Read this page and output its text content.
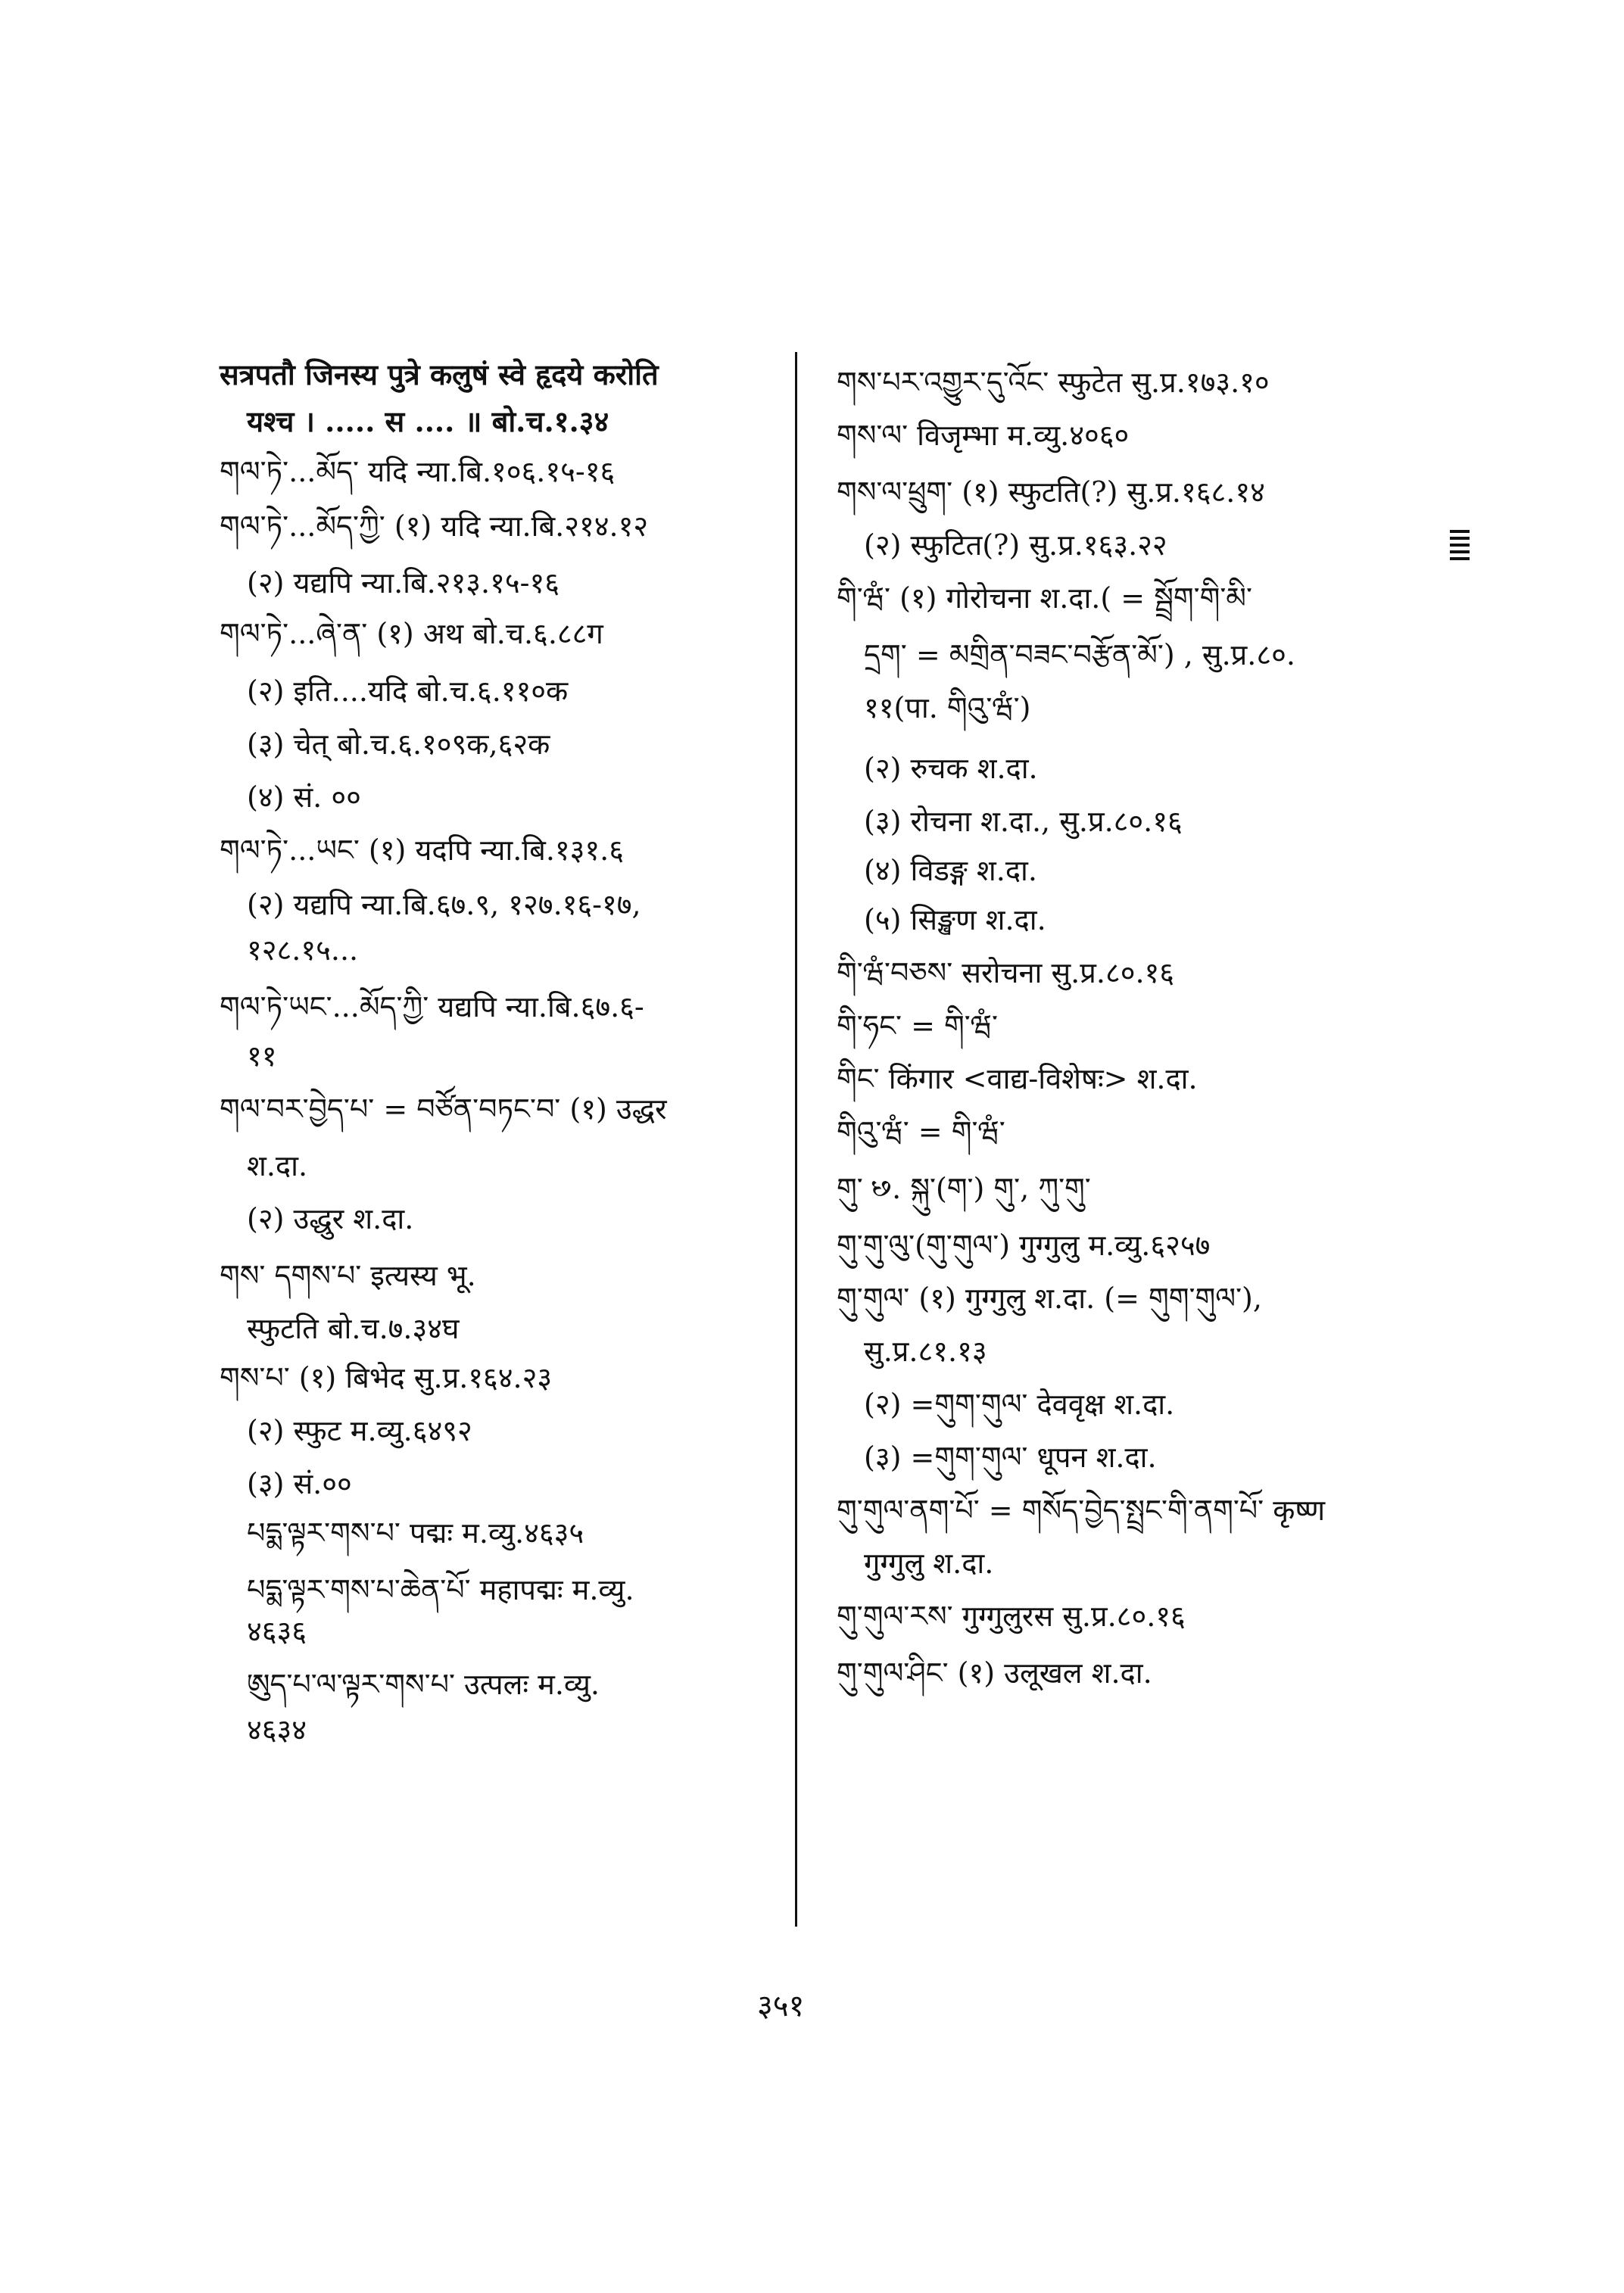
सत्रपतौ जिनस्य पुत्रे कलुषं स्वे हृदये करोति
यश्च । ..... स .... ॥ बो.च.१.३४
གལ་ཏེ་...མོད་ यदि न्या.बि.१०६.१५-१६
གལ་ཏེ་...མོད་ཀྱི་ (१) यदि न्या.बि.२१४.१२
(२) यद्यपि न्या.बि.२१३.१५-१६
གལ་ཏེ་...ཞེ་ན་ (१) अथ बो.च.६.८८ग
(२) इति....यदि बो.च.६.११०क
(३) चेत् बो.च.६.१०९क,६२क
(४) सं. ००
གལ་ཏེ་...ཡང་ (१) यदपि न्या.बि.१३१.६
(२) यद्यपि न्या.बि.६७.९, १२७.१६-१७,
१२८.१५...
གལ་ཏེ་ཡང་...མོད་ཀྱི་ यद्यपि न्या.बि.६७.६-
११
གལ་བར་བྱེད་པ་ = བཙོན་བཏང་བ་ (१) उद्धर
श.दा.
(२) उद्धुर श.दा.
གས་ དགས་པ་ इत्यस्य भू.
स्फुटति बो.च.७.३४घ
གས་པ་ (१) बिभेद सु.प्र.१६४.२३
(२) स्फुट म.व्यु.६४९२
(३) सं.००
པདྨ་ལྟར་གས་པ་ पद्मः म.व्यु.४६३५
པདྨ་ལྟར་གས་པ་ཆེན་པོ་ महापद्मः म.व्यु.
४६३६
ཨུད་པ་ལ་ལྟར་གས་པ་ उत्पलः म.व्यु.
४६३४
གས་པར་འགྱུར་དུ་འོང་ स्फुटेत सु.प्र.१७३.१०
གས་ལ་ विजृम्भा म.व्यु.४०६०
གས་ལ་ཕྲུག་ (१) स्फुटति(?) सु.प्र.१६८.१४
(२) स्फुटित(?) सु.प्र.१६३.२२
གི་ཝཾ་ (१) गोरोचना श.दा.( = སྦྲོག་གི་མི་
དྲག་ = མགྲིན་བཟང་བརྩོན་མོ་) , सु.प्र.८०.
११(पा. གིའུ་ཝཾ་)
(२) रुचक श.दा.
(३) रोचना श.दा., सु.प्र.८०.१६
(४) विडङ्ग श.दा.
(५) सिङ्खण श.दा.
གི་ཝཾ་བཅས་ सरोचना सु.प्र.८०.१६
གི་ཧང་ = གི་ཝཾ་
གིང་ किंगार <वाद्य-विशेषः> श.दा.
གིའུ་ཝཾ་ = གི་ཝཾ་
གུ་ ꣸. སྐུ་(ག་) གུ་, ཀུ་གུ་
གུ་གུ་ལུ་(གུ་གུལ་) गुग्गुलु म.व्यु.६२५७
གུ་གུལ་ (१) गुग्गुलु श.दा. (= གུག་གུལ་),
सु.प्र.८१.१३
(२) =གུག་གུལ་ देववृक्ष श.दा.
(३) =གུག་གུལ་ धूपन श.दा.
གུ་གུལ་ནག་པོ་ = གསོད་བྱེད་སྤྲང་གི་ནག་པོ་ कृष्ण
गुग्गुलु श.दा.
གུ་གུལ་རས་ गुग्गुलुरस सु.प्र.८०.१६
གུ་གུལ་ཤིང་ (१) उलूखल श.दा.
३५१
